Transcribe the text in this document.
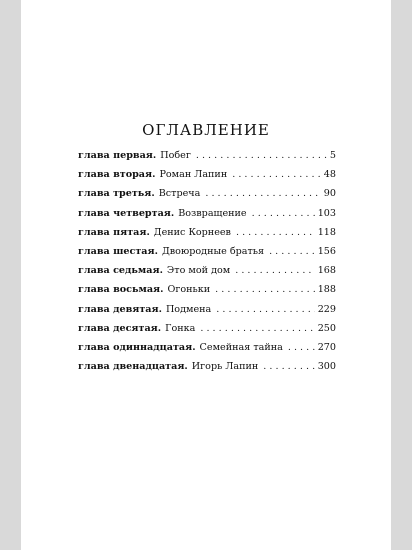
ОГЛАВЛЕНИЕ
глава первая. Побег . . .	5
глава вторая. Роман Лапин . . .	48
глава третья. Встреча . . .	90
глава четвертая. Возвращение . . .	103
глава пятая. Денис Корнеев . . .	118
глава шестая. Двоюродные братья . . .	156
глава седьмая. Это мой дом . . .	168
глава восьмая. Огоньки . . .	188
глава девятая. Подмена . . .	229
глава десятая. Гонка . . .	250
глава одиннадцатая. Семейная тайна . . .	270
глава двенадцатая. Игорь Лапин . . .	300
